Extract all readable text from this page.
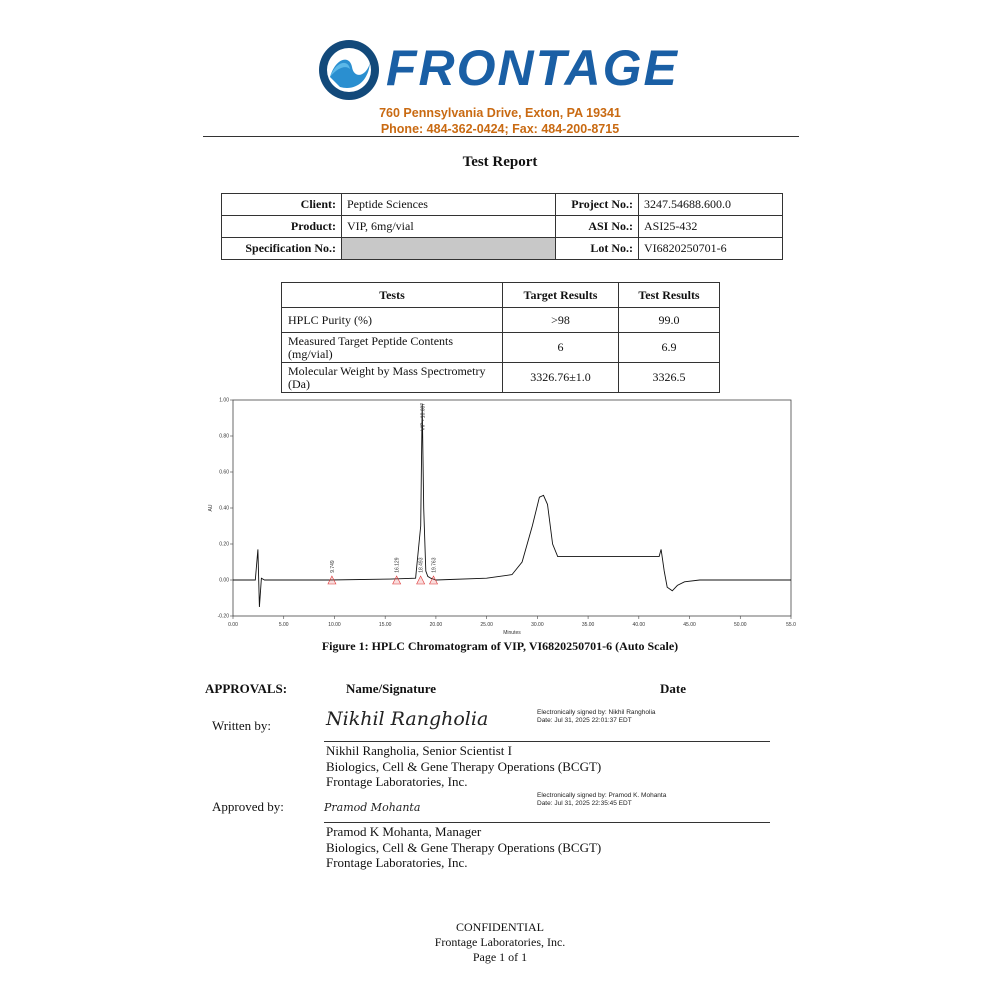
FRONTAGE
760 Pennsylvania Drive, Exton, PA 19341
Phone: 484-362-0424; Fax: 484-200-8715
Test Report
Client:	Peptide Sciences	Project No.:	3247.54688.600.0
Product:	VIP, 6mg/vial	ASI No.:	ASI25-432
Specification No.:		Lot No.:	VI6820250701-6
Tests	Target Results	Test Results
HPLC Purity (%)	>98	99.0
Measured Target Peptide Contents (mg/vial)	6	6.9
Molecular Weight by Mass Spectrometry (Da)	3326.76±1.0	3326.5
0.00	5.00	10.00	15.00	20.00	25.00	30.00	35.00	40.00	45.00	50.00	55.0
-0.20
0.00
0.20
0.40
0.60
0.80
1.00
Minutes
AU
9.749	16.129	18.493
VIP - 18.687
19.763
Figure 1: HPLC Chromatogram of VIP, VI6820250701-6 (Auto Scale)
APPROVALS:	Name/Signature	Date
Written by:	Nikhil Rangholia	Electronically signed by: Nikhil Rangholia
Date: Jul 31, 2025 22:01:37 EDT
Nikhil Rangholia, Senior Scientist I
Biologics, Cell & Gene Therapy Operations (BCGT)
Frontage Laboratories, Inc.
Approved by:	Pramod Mohanta
Electronically signed by: Pramod K. Mohanta
Date: Jul 31, 2025 22:35:45 EDT
Pramod K Mohanta, Manager
Biologics, Cell & Gene Therapy Operations (BCGT)
Frontage Laboratories, Inc.
CONFIDENTIAL
Frontage Laboratories, Inc.
Page 1 of 1
